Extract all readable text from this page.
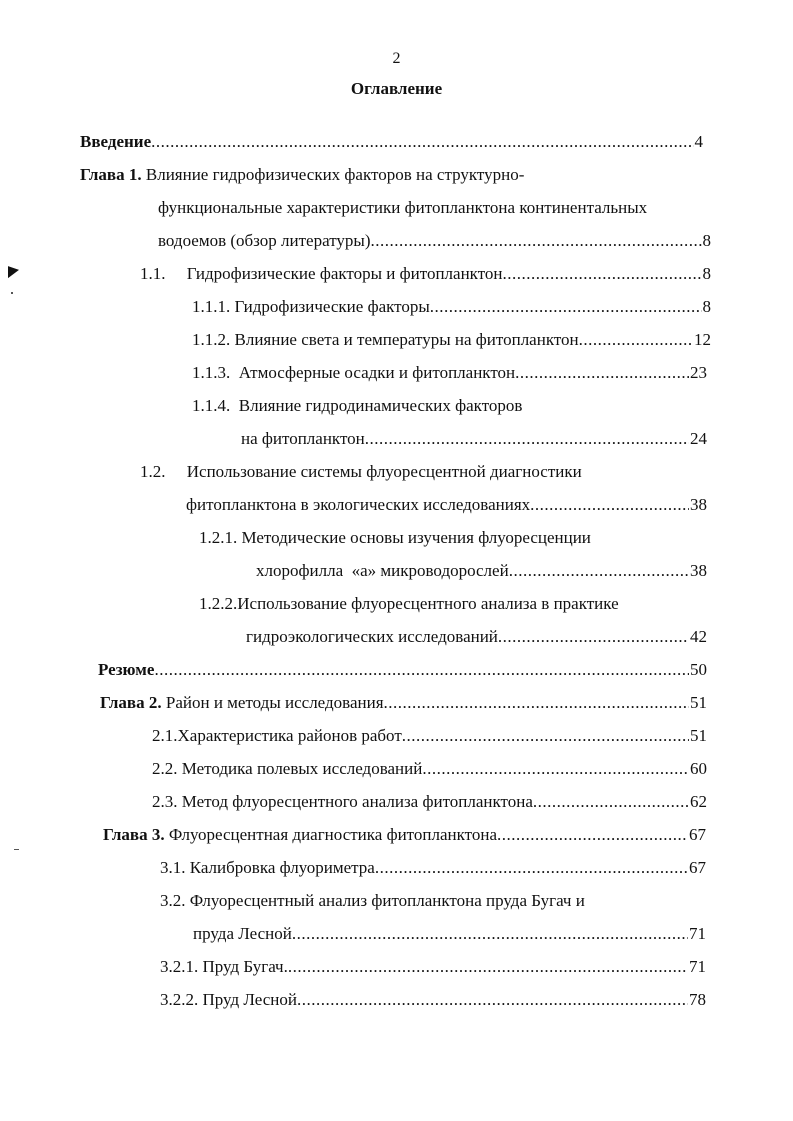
2
Оглавление
Введение .....	4
Глава 1. Влияние гидрофизических факторов на структурно-
функциональные характеристики фитопланктона континентальных
водоемов (обзор литературы) .....	8
1.1.     Гидрофизические факторы и фитопланктон .....	8
1.1.1. Гидрофизические факторы .....	8
1.1.2. Влияние света и температуры на фитопланктон .....	12
1.1.3.  Атмосферные осадки и фитопланктон .....	23
1.1.4.  Влияние гидродинамических факторов
на фитопланктон .....	24
1.2.     Использование системы флуоресцентной диагностики
фитопланктона в экологических исследованиях .....	38
1.2.1. Методические основы изучения флуоресценции
хлорофилла  «а» микроводорослей .....	38
1.2.2.Использование флуоресцентного анализа в практике
гидроэкологических исследований .....	42
Резюме .....	50
Глава 2. Район и методы исследования .....	51
2.1.Характеристика районов работ .....	51
2.2. Методика полевых исследований .....	60
2.3. Метод флуоресцентного анализа фитопланктона .....	62
Глава 3. Флуоресцентная диагностика фитопланктона .....	67
3.1. Калибровка флуориметра .....	67
3.2. Флуоресцентный анализ фитопланктона пруда Бугач и
пруда Лесной .....	71
3.2.1. Пруд Бугач. .....	71
3.2.2. Пруд Лесной .....	78
